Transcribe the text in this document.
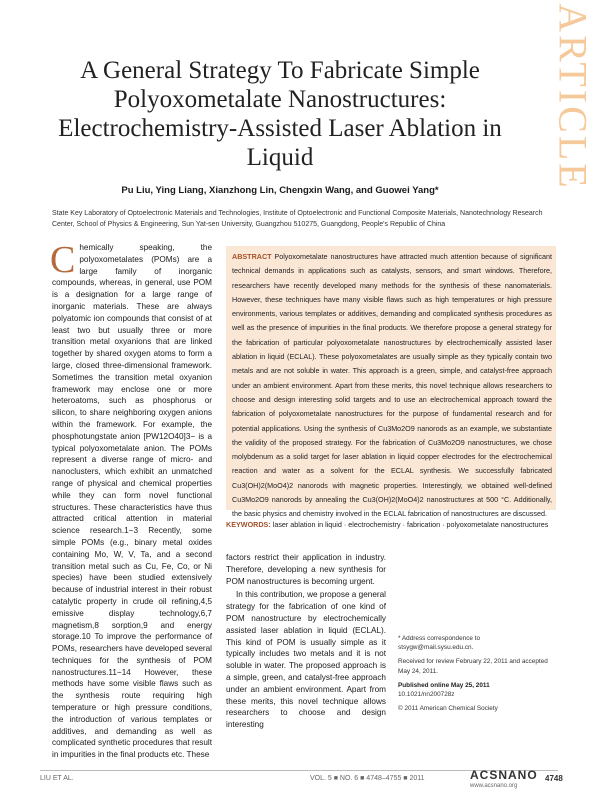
ARTICLE
A General Strategy To Fabricate Simple Polyoxometalate Nanostructures: Electrochemistry-Assisted Laser Ablation in Liquid
Pu Liu, Ying Liang, Xianzhong Lin, Chengxin Wang, and Guowei Yang*
State Key Laboratory of Optoelectronic Materials and Technologies, Institute of Optoelectronic and Functional Composite Materials, Nanotechnology Research Center, School of Physics & Engineering, Sun Yat-sen University, Guangzhou 510275, Guangdong, People's Republic of China
C hemically speaking, the polyoxometalates (POMs) are a large family of inorganic compounds, whereas, in general, use POM is a designation for a large range of inorganic materials. These are always polyatomic ion compounds that consist of at least two but usually three or more transition metal oxyanions that are linked together by shared oxygen atoms to form a large, closed three-dimensional framework. Sometimes the transition metal oxyanion framework may enclose one or more heteroatoms, such as phosphorus or silicon, to share neighboring oxygen anions within the framework. For example, the phosphotungstate anion [PW12O40]3− is a typical polyoxometalate anion. The POMs represent a diverse range of micro- and nanoclusters, which exhibit an unmatched range of physical and chemical properties while they can form novel functional structures. These characteristics have thus attracted critical attention in material science research.1−3 Recently, some simple POMs (e.g., binary metal oxides containing Mo, W, V, Ta, and a second transition metal such as Cu, Fe, Co, or Ni species) have been studied extensively because of industrial interest in their robust catalytic property in crude oil refining,4,5 emissive display technology,6,7 magnetism,8 sorption,9 and energy storage.10 To improve the performance of POMs, researchers have developed several techniques for the synthesis of POM nanostructures.11−14 However, these methods have some visible flaws such as the synthesis route requiring high temperature or high pressure conditions, the introduction of various templates or additives, and demanding as well as complicated synthetic procedures that result in impurities in the final products etc. These
ABSTRACT Polyoxometalate nanostructures have attracted much attention because of significant technical demands in applications such as catalysts, sensors, and smart windows. Therefore, researchers have recently developed many methods for the synthesis of these nanomaterials. However, these techniques have many visible flaws such as high temperatures or high pressure environments, various templates or additives, demanding and complicated synthesis procedures as well as the presence of impurities in the final products. We therefore propose a general strategy for the fabrication of particular polyoxometalate nanostructures by electrochemically assisted laser ablation in liquid (ECLAL). These polyoxometalates are usually simple as they typically contain two metals and are not soluble in water. This approach is a green, simple, and catalyst-free approach under an ambient environment. Apart from these merits, this novel technique allows researchers to choose and design interesting solid targets and to use an electrochemical approach toward the fabrication of polyoxometalate nanostructures for the purpose of fundamental research and for potential applications. Using the synthesis of Cu3Mo2O9 nanorods as an example, we substantiate the validity of the proposed strategy. For the fabrication of Cu3Mo2O9 nanostructures, we chose molybdenum as a solid target for laser ablation in liquid copper electrodes for the electrochemical reaction and water as a solvent for the ECLAL synthesis. We successfully fabricated Cu3(OH)2(MoO4)2 nanorods with magnetic properties. Interestingly, we obtained well-defined Cu3Mo2O9 nanorods by annealing the Cu3(OH)2(MoO4)2 nanostructures at 500 °C. Additionally, the basic physics and chemistry involved in the ECLAL fabrication of nanostructures are discussed.
KEYWORDS: laser ablation in liquid · electrochemistry · fabrication · polyoxometalate nanostructures

factors restrict their application in industry. Therefore, developing a new synthesis for POM nanostructures is becoming urgent.

In this contribution, we propose a general strategy for the fabrication of one kind of POM nanostructure by electrochemically assisted laser ablation in liquid (ECLAL). This kind of POM is usually simple as it typically includes two metals and it is not soluble in water. The proposed approach is a simple, green, and catalyst-free approach under an ambient environment. Apart from these merits, this novel technique allows researchers to choose and design interesting

* Address correspondence to
stsygw@mail.sysu.edu.cn.

Received for review February 22, 2011 and accepted May 24, 2011.

Published online May 25, 2011
10.1021/nn200728z

© 2011 American Chemical Society

LIU ET AL.	VOL. 5 ■ NO. 6 ■ 4748–4755 ■ 2011	ACSNANO
www.acsnano.org
4748
